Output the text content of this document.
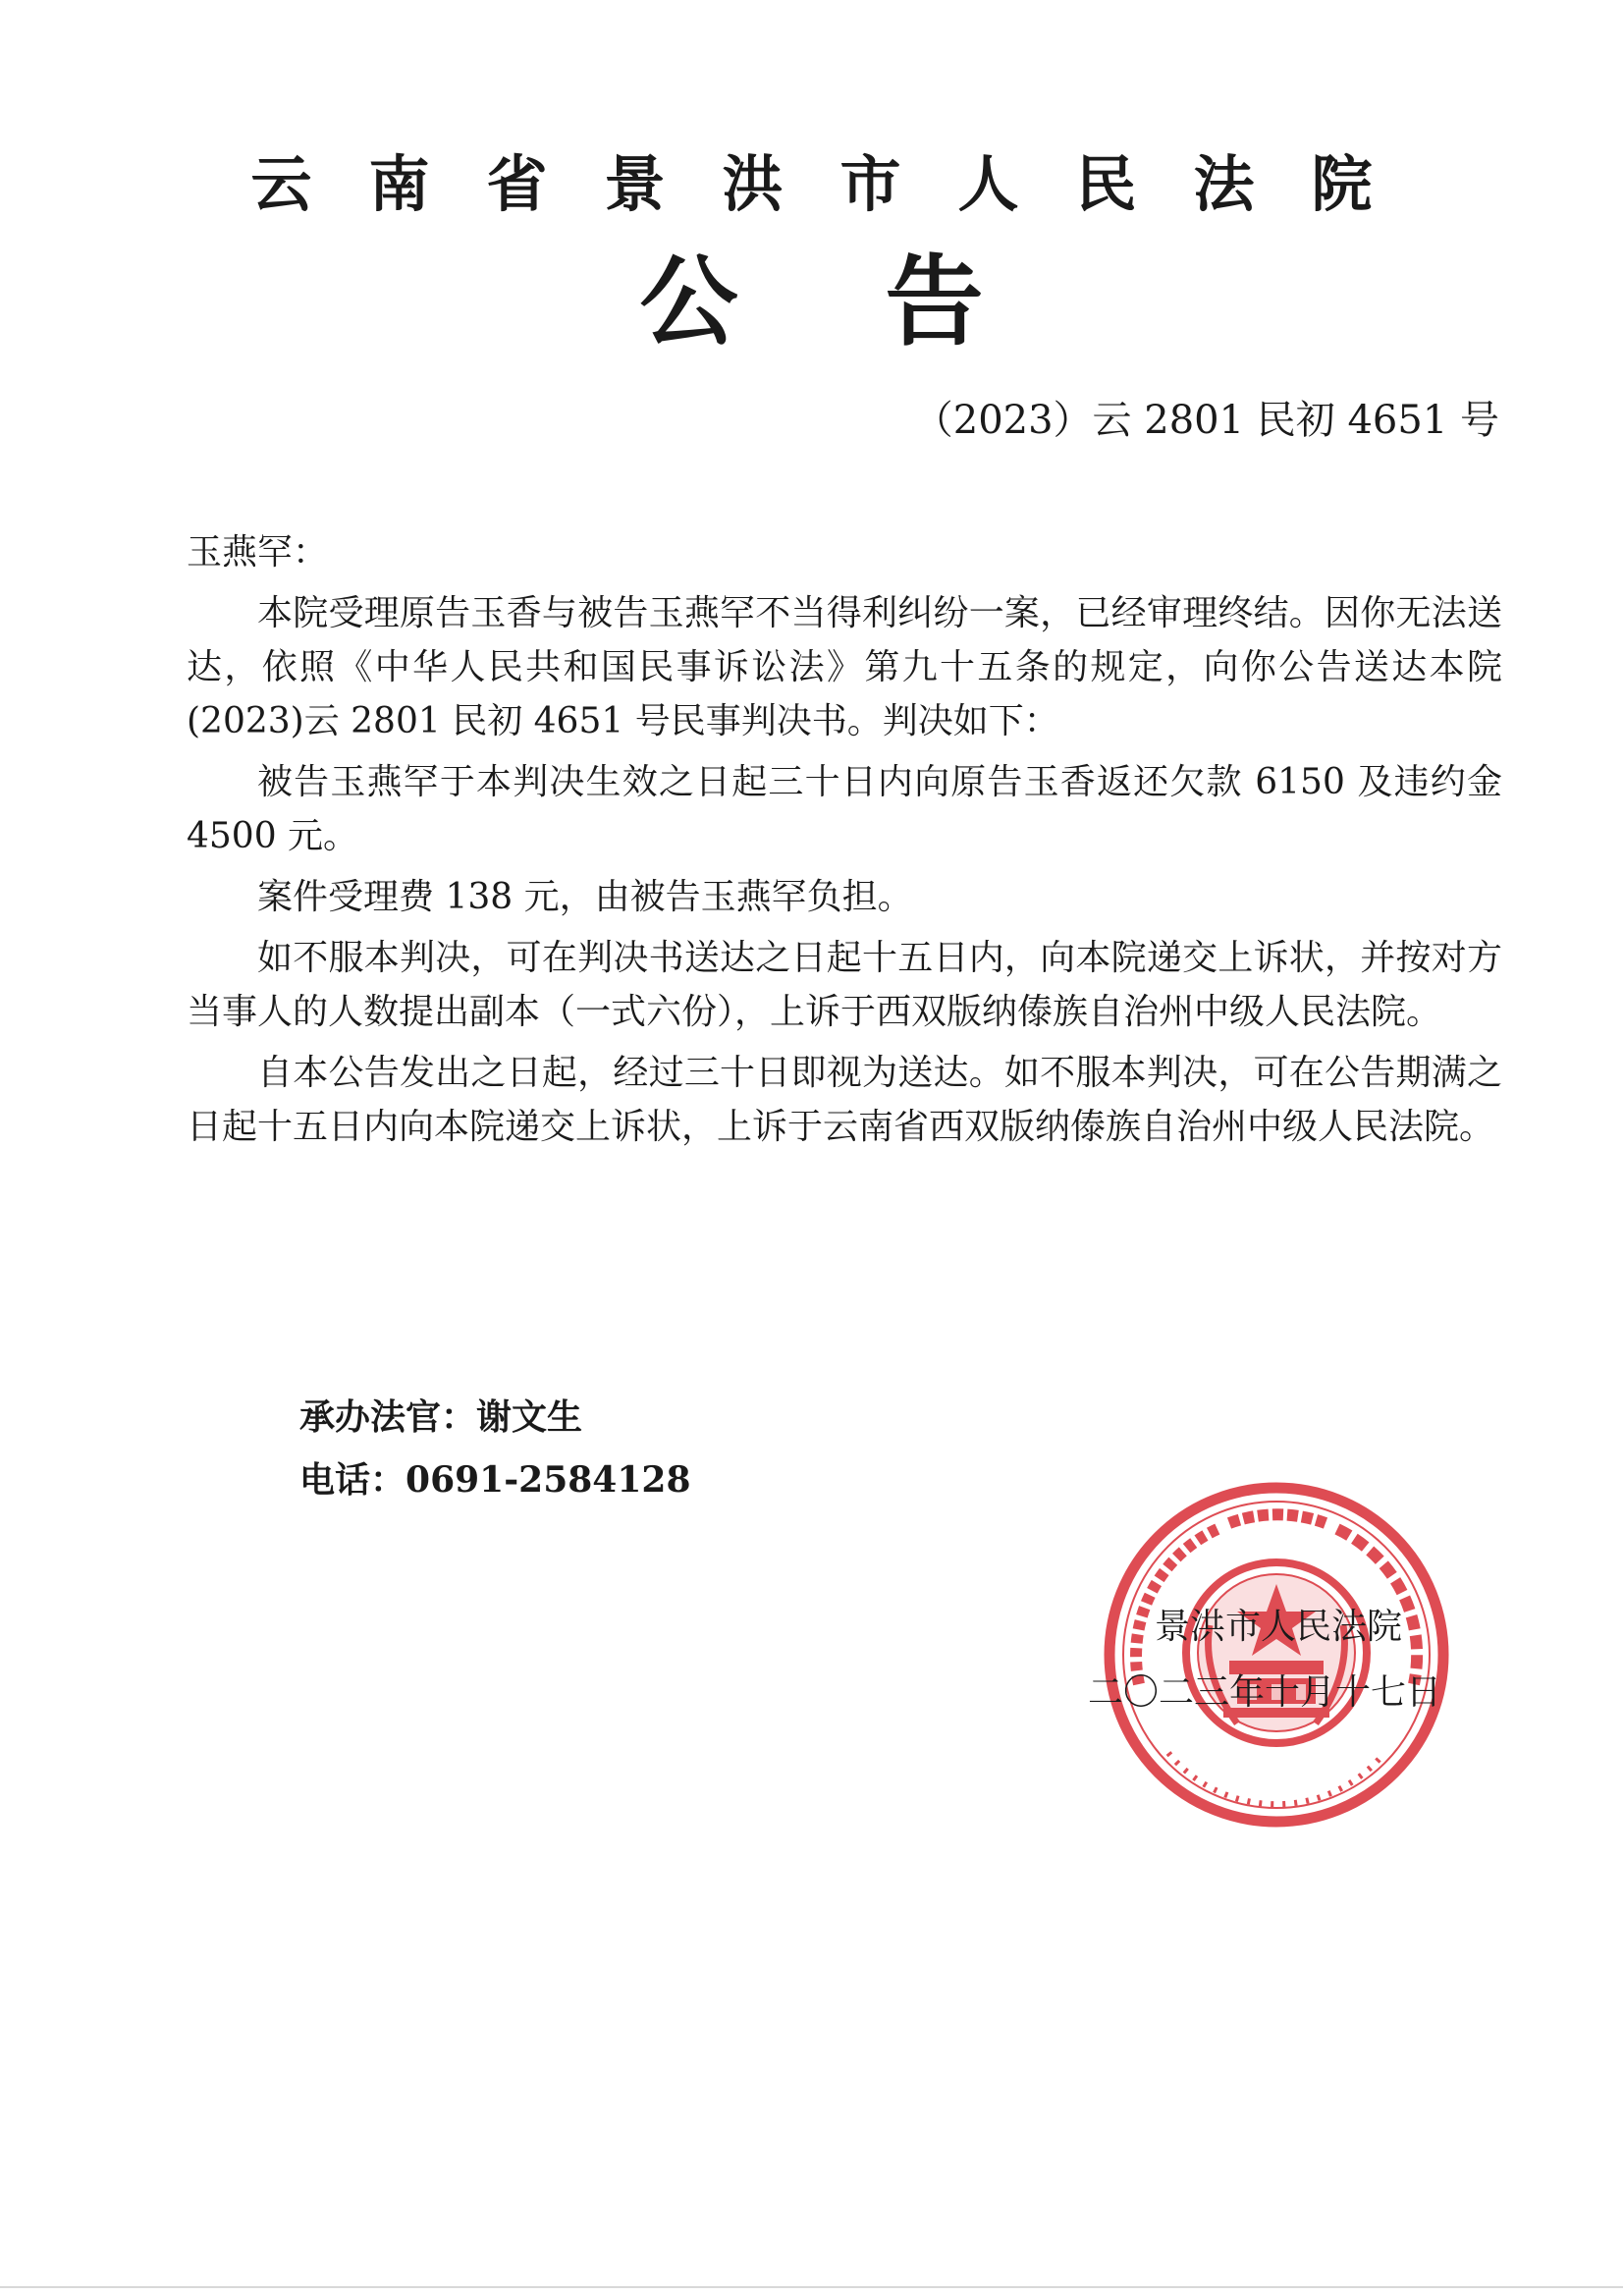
云南省景洪市人民法院
公告

（2023）云 2801 民初 4651 号

玉燕罕：

本院受理原告玉香与被告玉燕罕不当得利纠纷一案，已经审理终结。因你无法送达，依照《中华人民共和国民事诉讼法》第九十五条的规定，向你公告送达本院(2023)云 2801 民初 4651 号民事判决书。判决如下：

被告玉燕罕于本判决生效之日起三十日内向原告玉香返还欠款 6150 及违约金 4500 元。

案件受理费 138 元，由被告玉燕罕负担。

如不服本判决，可在判决书送达之日起十五日内，向本院递交上诉状，并按对方当事人的人数提出副本（一式六份），上诉于西双版纳傣族自治州中级人民法院。

自本公告发出之日起，经过三十日即视为送达。如不服本判决，可在公告期满之日起十五日内向本院递交上诉状，上诉于云南省西双版纳傣族自治州中级人民法院。

承办法官：谢文生
电话：0691-2584128
景洪市人民法院
二〇二三年十月十七日
